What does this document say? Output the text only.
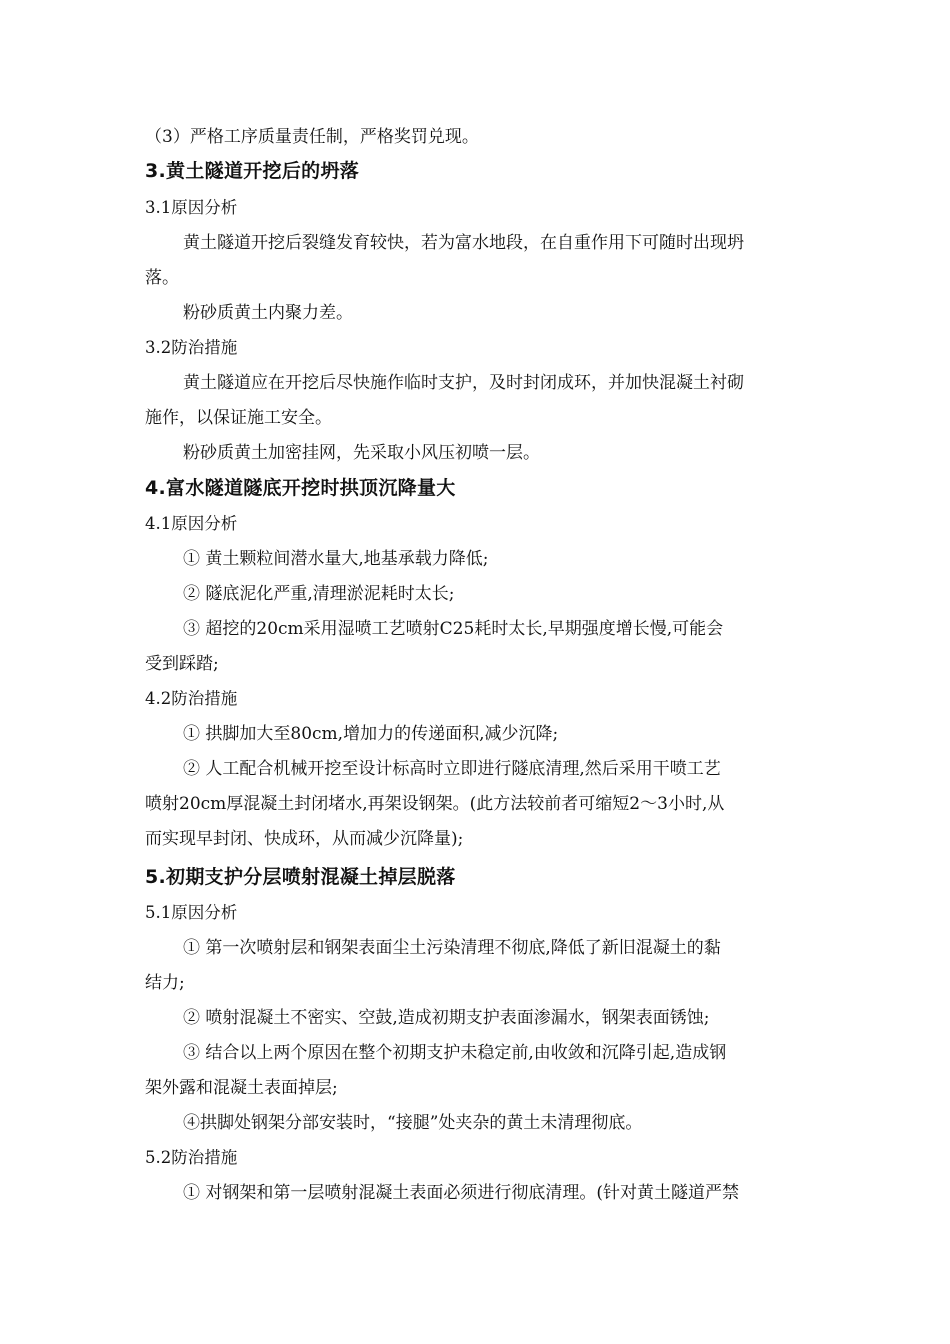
（3）严格工序质量责任制，严格奖罚兑现。
3.黄土隧道开挖后的坍落
3.1原因分析
黄土隧道开挖后裂缝发育较快，若为富水地段，在自重作用下可随时出现坍
落。
粉砂质黄土内聚力差。
3.2防治措施
黄土隧道应在开挖后尽快施作临时支护，及时封闭成环，并加快混凝土衬砌
施作，以保证施工安全。
粉砂质黄土加密挂网，先采取小风压初喷一层。
4.富水隧道隧底开挖时拱顶沉降量大
4.1原因分析
① 黄土颗粒间潜水量大,地基承载力降低;
② 隧底泥化严重,清理淤泥耗时太长;
③ 超挖的20cm采用湿喷工艺喷射C25耗时太长,早期强度增长慢,可能会
受到踩踏;
4.2防治措施
① 拱脚加大至80cm,增加力的传递面积,减少沉降;
② 人工配合机械开挖至设计标高时立即进行隧底清理,然后采用干喷工艺
喷射20cm厚混凝土封闭堵水,再架设钢架。(此方法较前者可缩短2～3小时,从
而实现早封闭、快成环，从而减少沉降量);
5.初期支护分层喷射混凝土掉层脱落
5.1原因分析
① 第一次喷射层和钢架表面尘土污染清理不彻底,降低了新旧混凝土的黏
结力;
② 喷射混凝土不密实、空鼓,造成初期支护表面渗漏水，钢架表面锈蚀;
③ 结合以上两个原因在整个初期支护未稳定前,由收敛和沉降引起,造成钢
架外露和混凝土表面掉层;
④拱脚处钢架分部安装时，“接腿”处夹杂的黄土未清理彻底。
5.2防治措施
① 对钢架和第一层喷射混凝土表面必须进行彻底清理。(针对黄土隧道严禁
